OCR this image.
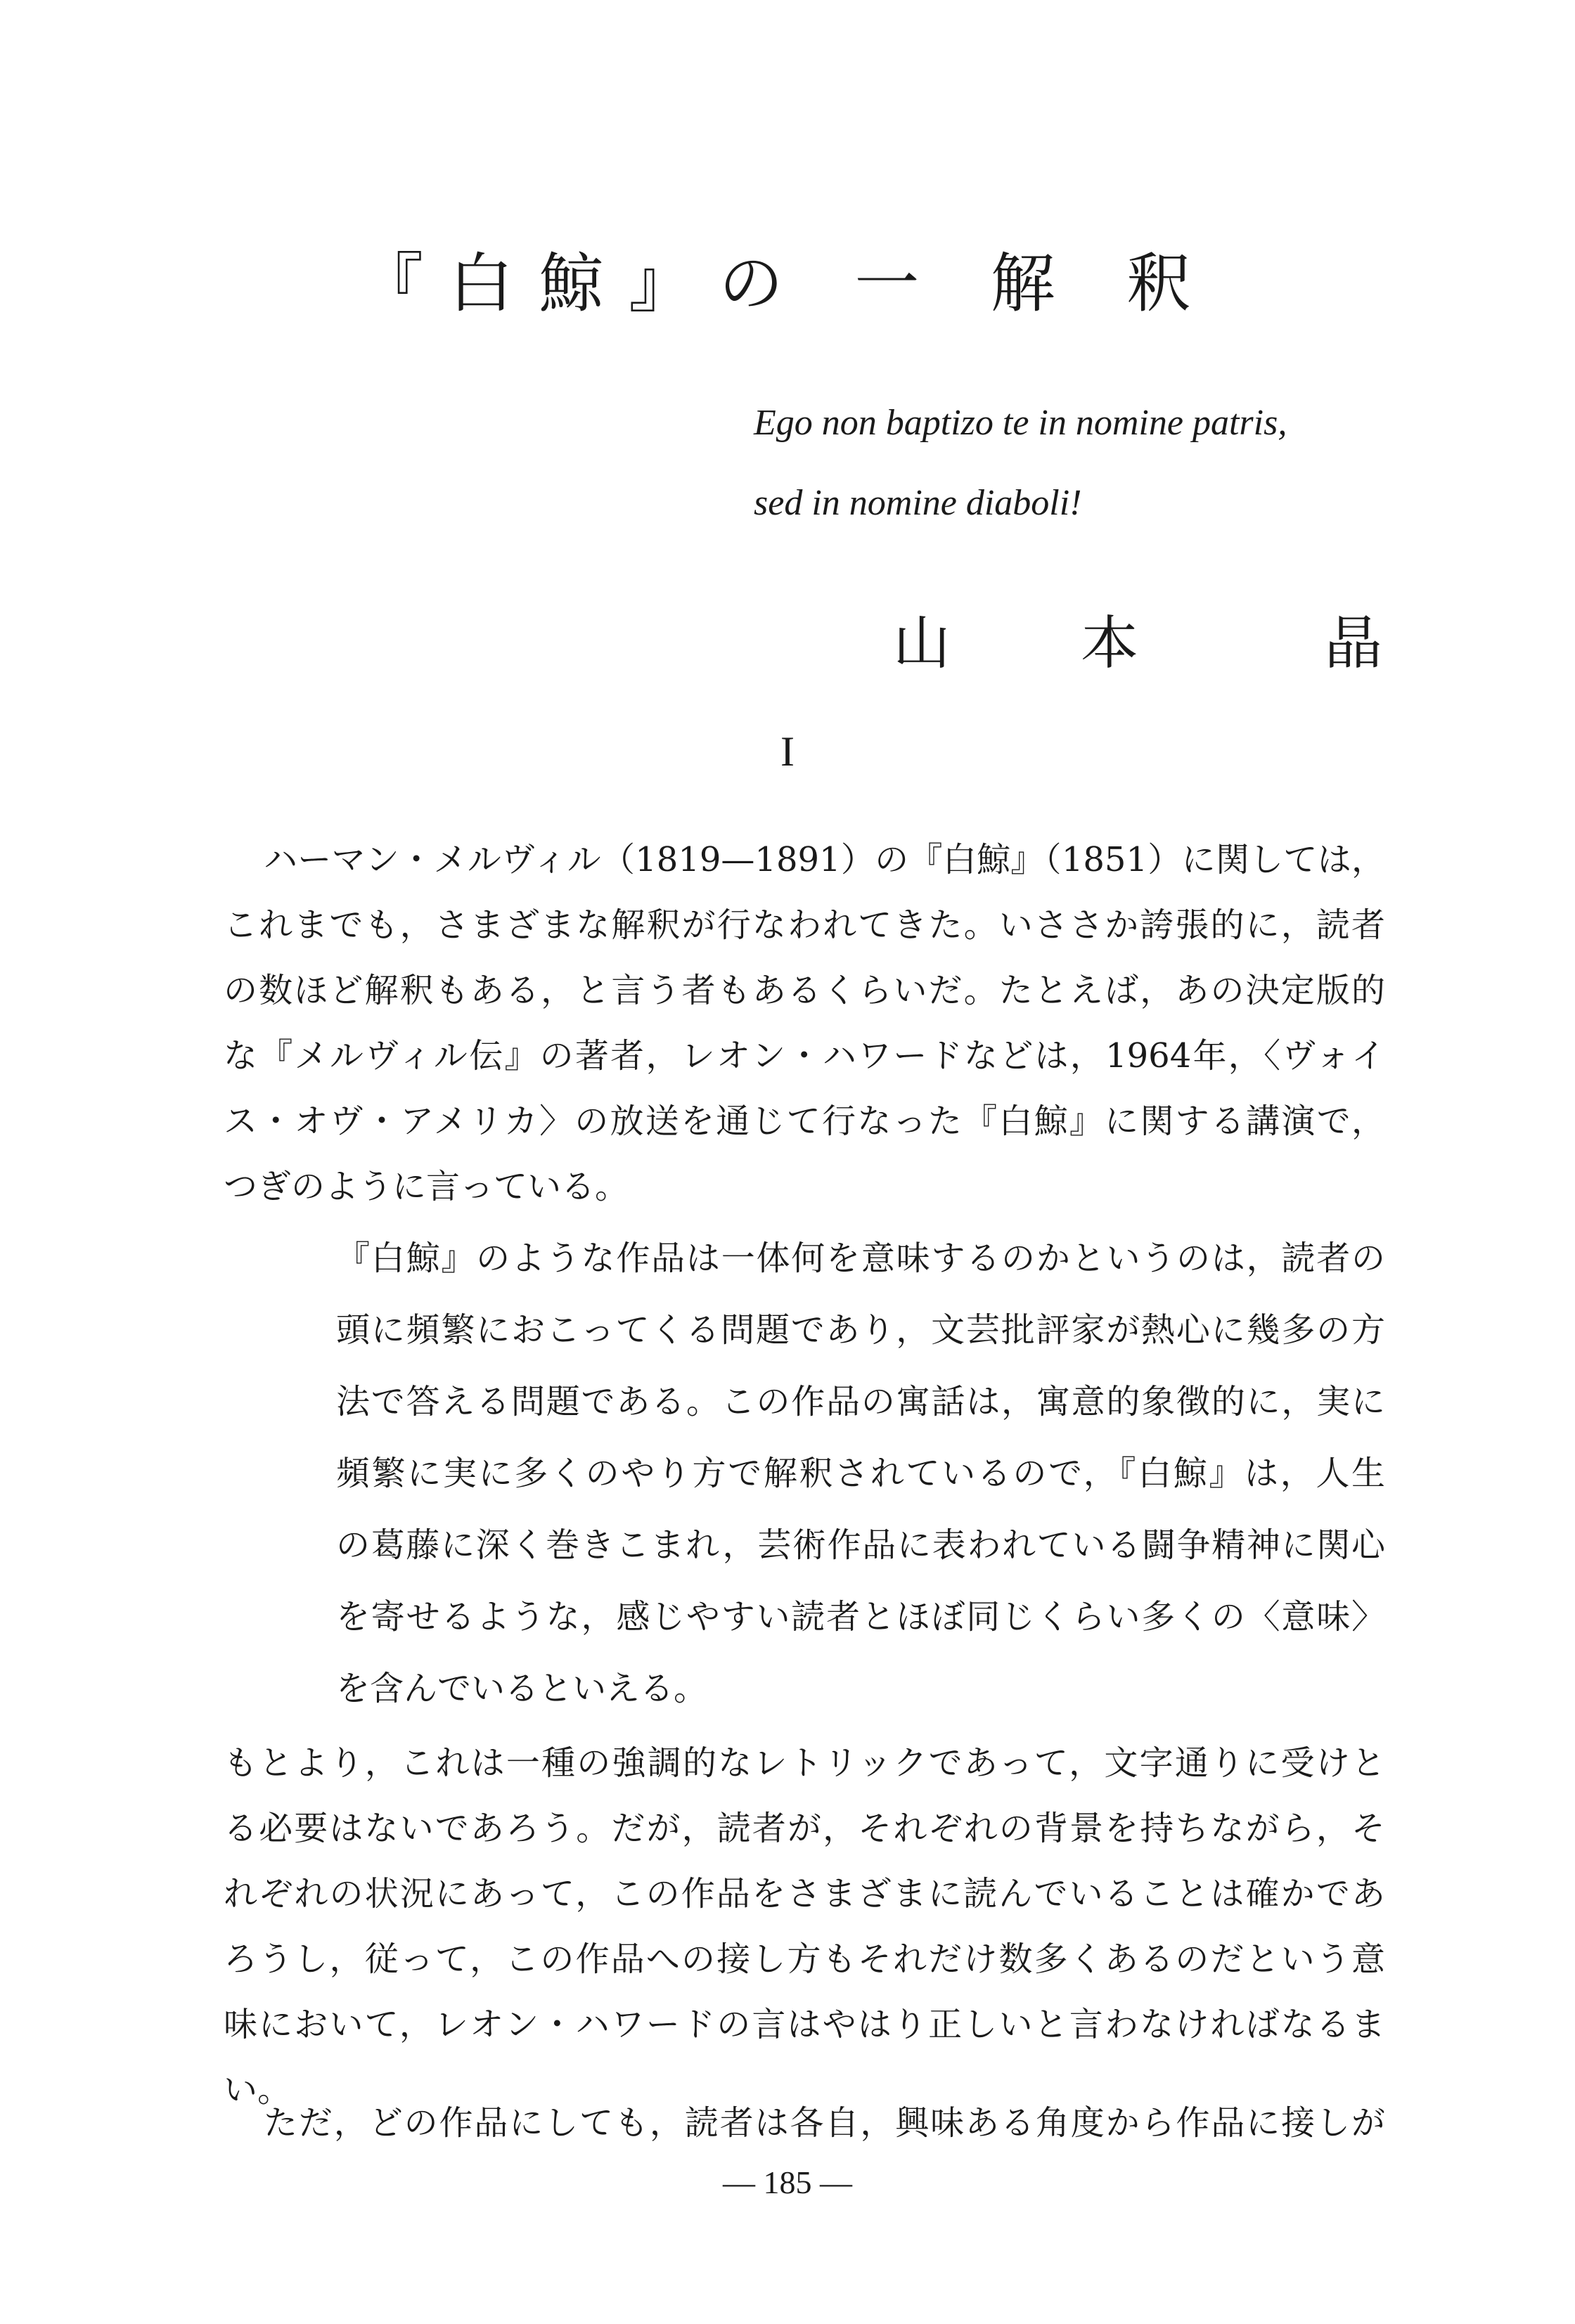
『白鯨』の 一 解 釈
Ego non baptizo te in nomine patris,
sed in nomine diaboli!
山 本	晶
I
ハーマン・メルヴィル（1819—1891）の『白鯨』（1851）に関しては，
これまでも，さまざまな解釈が行なわれてきた。いささか誇張的に，読者
の数ほど解釈もある，と言う者もあるくらいだ。たとえば，あの決定版的
な『メルヴィル伝』の著者，レオン・ハワードなどは，1964年，〈ヴォイ
ス・オヴ・アメリカ〉の放送を通じて行なった『白鯨』に関する講演で，
つぎのように言っている。
『白鯨』のような作品は一体何を意味するのかというのは，読者の
頭に頻繁におこってくる問題であり，文芸批評家が熱心に幾多の方
法で答える問題である。この作品の寓話は，寓意的象徴的に，実に
頻繁に実に多くのやり方で解釈されているので，『白鯨』は，人生
の葛藤に深く巻きこまれ，芸術作品に表われている闘争精神に関心
を寄せるような，感じやすい読者とほぼ同じくらい多くの〈意味〉
を含んでいるといえる。
もとより，これは一種の強調的なレトリックであって，文字通りに受けと
る必要はないであろう。だが，読者が，それぞれの背景を持ちながら，そ
れぞれの状況にあって，この作品をさまざまに読んでいることは確かであ
ろうし，従って，この作品への接し方もそれだけ数多くあるのだという意
味において，レオン・ハワードの言はやはり正しいと言わなければなるま
い。
ただ，どの作品にしても，読者は各自，興味ある角度から作品に接しが
— 185 —
